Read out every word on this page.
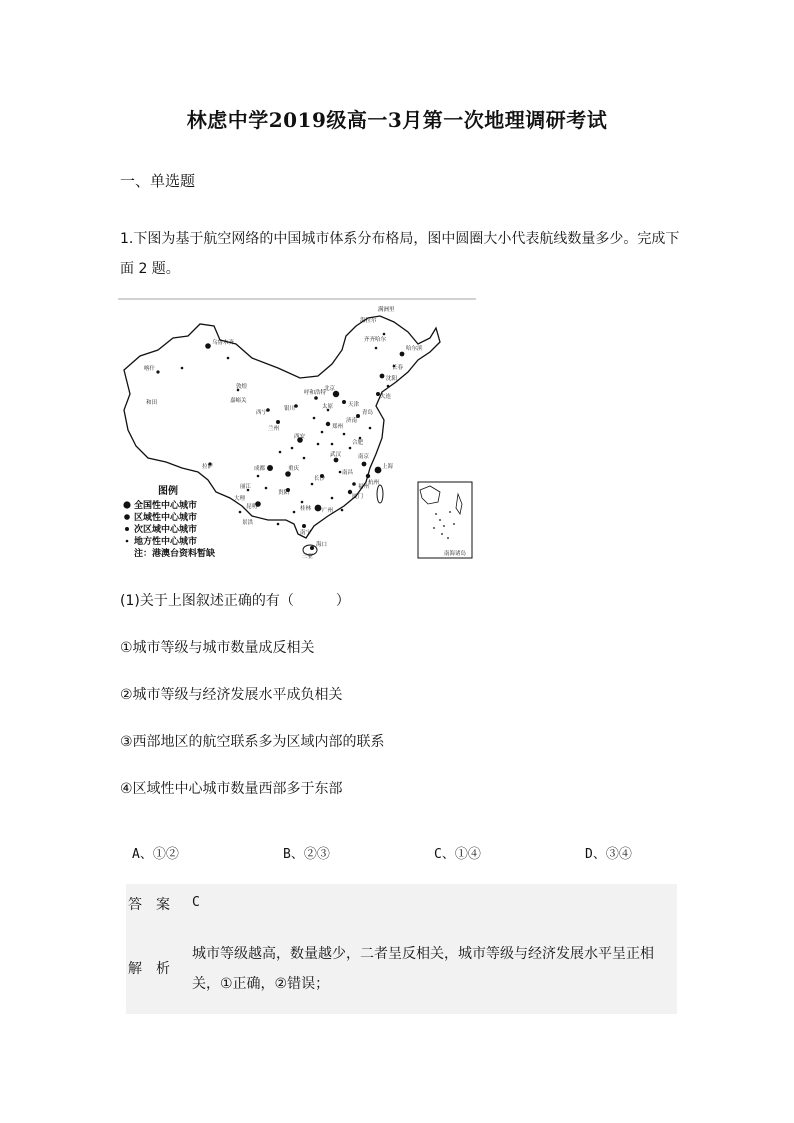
林虑中学2019级高一3月第一次地理调研考试
一、单选题
1.下图为基于航空网络的中国城市体系分布格局，图中圆圈大小代表航线数量多少。完成下面 2 题。
满洲里
海拉尔
齐齐哈尔
哈尔滨
长春
沈阳
北京
天津
呼和浩特
乌鲁木齐
喀什
和田
敦煌
嘉峪关
兰州
西宁
银川	太原
郑州
西安
成都	重庆
昆明
南宁
广州
上海
南京
杭州
厦门
武汉
长沙
贵阳
拉萨
海口
三亚
济南
青岛
大连
福州
南昌
合肥
桂林
丽江
大理
景洪
图例
全国性中心城市
区域性中心城市
次区域中心城市
地方性中心城市
注：港澳台资料暂缺	南海诸岛
(1)关于上图叙述正确的有（　　　）
①城市等级与城市数量成反相关
②城市等级与经济发展水平成负相关
③西部地区的航空联系多为区域内部的联系
④区域性中心城市数量西部多于东部
A、①②	B、②③	C、①④	D、③④
答案 C
解析
城市等级越高，数量越少，二者呈反相关，城市等级与经济发展水平呈正相关，①正确，②错误；
